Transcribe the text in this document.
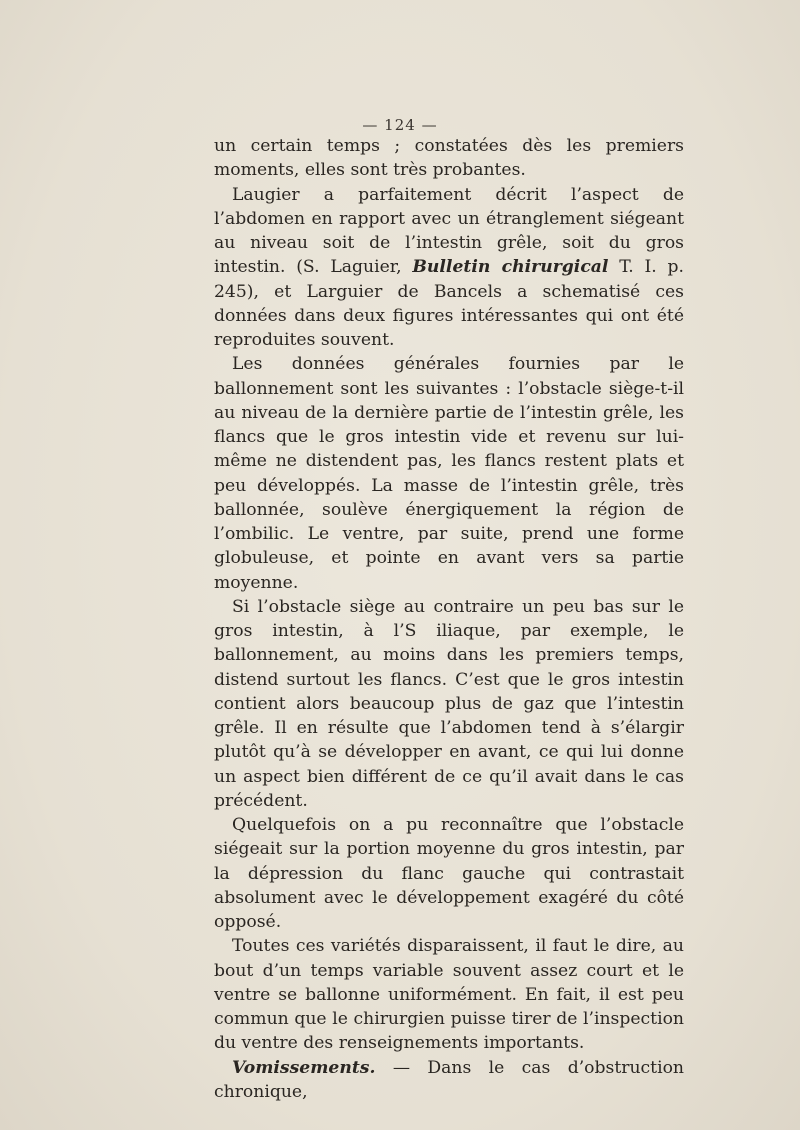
— 124 —

un certain temps ; constatées dès les premiers moments, elles sont très probantes.

Laugier a parfaitement décrit l’aspect de l’abdomen en rapport avec un étranglement siégeant au niveau soit de l’intestin grêle, soit du gros intestin. (S. Laguier, Bulletin chirurgical T. I. p. 245), et Larguier de Bancels a schematisé ces données dans deux figures intéressantes qui ont été reproduites souvent.

Les données générales fournies par le ballonnement sont les suivantes : l’obstacle siège-t-il au niveau de la dernière partie de l’intestin grêle, les flancs que le gros intestin vide et revenu sur lui-même ne distendent pas, les flancs restent plats et peu développés. La masse de l’intestin grêle, très ballonnée, soulève énergiquement la région de l’ombilic. Le ventre, par suite, prend une forme globuleuse, et pointe en avant vers sa partie moyenne.

Si l’obstacle siège au contraire un peu bas sur le gros intestin, à l’S iliaque, par exemple, le ballonnement, au moins dans les premiers temps, distend surtout les flancs. C’est que le gros intestin contient alors beaucoup plus de gaz que l’intestin grêle. Il en résulte que l’abdomen tend à s’élargir plutôt qu’à se développer en avant, ce qui lui donne un aspect bien différent de ce qu’il avait dans le cas précédent.

Quelquefois on a pu reconnaître que l’obstacle siégeait sur la portion moyenne du gros intestin, par la dépression du flanc gauche qui contrastait absolument avec le développement exagéré du côté opposé.

Toutes ces variétés disparaissent, il faut le dire, au bout d’un temps variable souvent assez court et le ventre se ballonne uniformément. En fait, il est peu commun que le chirurgien puisse tirer de l’inspection du ventre des renseignements importants.

Vomissements. — Dans le cas d’obstruction chronique,
